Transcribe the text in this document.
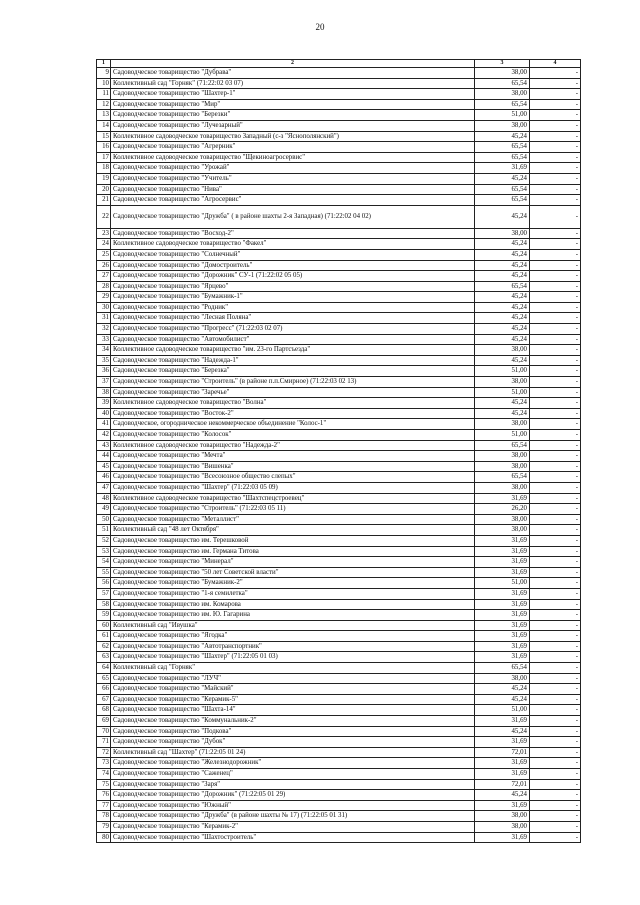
20
1	2	3	4
9	Садоводческое товарищество "Дубрава"	38,00	-
10	Коллективный сад "Горняк" (71:22:02 03 07)	65,54	-
11	Садоводческое товарищество "Шахтер-1"	38,00	-
12	Садоводческое товарищество "Мир"	65,54	-
13	Садоводческое товарищество "Березки"	51,00	-
14	Садоводческое товарищество "Лучезарный"	38,00	-
15	Коллективное садоводческое товарищество Западный (с-з "Яснополянский")	45,24	-
16	Садоводческое товарищество "Агрерник"	65,54	-
17	Коллективное садоводческое товарищество "Щекиноагросервис"	65,54	-
18	Садоводческое товарищество "Урожай"	31,69	-
19	Садоводческое товарищество "Учитель"	45,24	-
20	Садоводческое товарищество "Нива"	65,54	-
21	Садоводческое товарищество "Агросервис"	65,54	-
22	Садоводческое товарищество "Дружба" ( в районе шахты 2-я Западная) (71:22:02 04 02)	45,24	-
23	Садоводческое товарищество "Восход-2"	38,00	-
24	Коллективное садоводческое товарищество "Факел"	45,24	-
25	Садоводческое товарищество "Солнечный"	45,24	-
26	Садоводческое товарищество "Домостроитель"	45,24	-
27	Садоводческое товарищество "Дорожник" СУ-1 (71:22:02 05 05)	45,24	-
28	Садоводческое товарищество "Ярцево"	65,54	-
29	Садоводческое товарищество "Бумажник-1"	45,24	-
30	Садоводческое товарищество "Родник"	45,24	-
31	Садоводческое товарищество "Лесная Поляна"	45,24	-
32	Садоводческое товарищество "Прогресс" (71:22:03 02 07)	45,24	-
33	Садоводческое товарищество "Автомобилист"	45,24	-
34	Коллективное садоводческое товарищество "им. 23-го Партсъезда"	38,00	-
35	Садоводческое товарищество "Надежда-1"	45,24	-
36	Садоводческое товарищество "Березка"	51,00	-
37	Садоводческое товарищество "Строитель" (в районе п.п.Смирное) (71:22:03 02 13)	38,00	-
38	Садоводческое товарищество "Заречье"	51,00	-
39	Коллективное садоводческое товарищество "Волна"	45,24	-
40	Садоводческое товарищество "Восток-2"	45,24	-
41	Садоводческое, огородническое некоммерческое объединение "Колос-1"	38,00	-
42	Садоводческое товарищество "Колосок"	51,00	-
43	Коллективное садоводческое товарищество "Надежда-2"	65,54	-
44	Садоводческое товарищество "Мечта"	38,00	-
45	Садоводческое товарищество "Вишенка"	38,00	-
46	Садоводческое товарищество "Всесоюзное общество слепых"	65,54	-
47	Садоводческое товарищество "Шахтер" (71:22:03 05 09)	38,00	-
48	Коллективное садоводческое товарищество "Шахтспецстроевец"	31,69	-
49	Садоводческое товарищество "Строитель" (71:22:03 05 11)	26,20	-
50	Садоводческое товарищество "Металлист"	38,00	-
51	Коллективный сад "48 лет Октября"	38,00	-
52	Садоводческое товарищество им. Терешковой	31,69	-
53	Садоводческое товарищество им. Германа Титова	31,69	-
54	Садоводческое товарищество "Минерал"	31,69	-
55	Садоводческое товарищество "50 лет Советской власти"	31,69	-
56	Садоводческое товарищество "Бумажник-2"	51,00	-
57	Садоводческое товарищество "1-я семилетка"	31,69	-
58	Садоводческое товарищество им. Комарова	31,69	-
59	Садоводческое товарищество им. Ю. Гагарина	31,69	-
60	Коллективный сад "Ивушка"	31,69	-
61	Садоводческое товарищество "Ягодка"	31,69	-
62	Садоводческое товарищество "Автотранспортник"	31,69	-
63	Садоводческое товарищество "Шахтер" (71:22:05 01 03)	31,69	-
64	Коллективный сад "Горняк"	65,54	-
65	Садоводческое товарищество "ЛУЧ"	38,00	-
66	Садоводческое товарищество "Майский"	45,24	-
67	Садоводческое товарищество "Керамик-5"	45,24	-
68	Садоводческое товарищество "Шахта-14"	51,00	-
69	Садоводческое товарищество "Коммунальник-2"	31,69	-
70	Садоводческое товарищество "Подкова"	45,24	-
71	Садоводческое товарищество "Дубок"	31,69	-
72	Коллективный сад "Шахтер" (71:22:05 01 24)	72,01	-
73	Садоводческое товарищество "Железнодорожник"	31,69	-
74	Садоводческое товарищество "Саженец"	31,69	-
75	Садоводческое товарищество "Заря"	72,01	-
76	Садоводческое товарищество "Дорожник" (71:22:05 01 29)	45,24	-
77	Садоводческое товарищество "Южный"	31,69	-
78	Садоводческое товарищество "Дружба" (в районе шахты № 17) (71:22:05 01 31)	38,00	-
79	Садоводческое товарищество "Керамик-2"	38,00	-
80	Садоводческое товарищество "Шахтостроитель"	31,69	-
